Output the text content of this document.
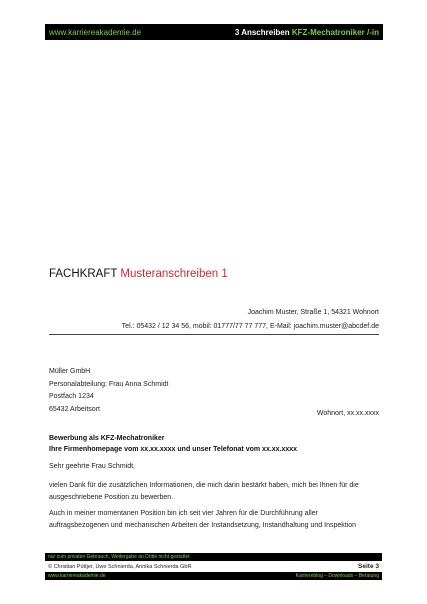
www.karriereakademie.de	3 Anschreiben KFZ-Mechatroniker /-in
FACHKRAFT Musteranschreiben 1
Joachim Muster, Straße 1, 54321 Wohnort
Tel.: 05432 / 12 34 56, mobil: 01777/77 77 777, E-Mail: joachim.muster@abcdef.de
Müller GmbH
Personalabteilung: Frau Anna Schmidt
Postfach 1234
65432 Arbeitsort
Wohnort, xx.xx.xxxx
Bewerbung als KFZ-Mechatroniker
Ihre Firmenhomepage vom xx.xx.xxxx und unser Telefonat vom xx.xx.xxxx
Sehr geehrte Frau Schmidt,
vielen Dank für die zusätzlichen Informationen, die mich darin bestärkt haben, mich bei Ihnen für die
ausgeschriebene Position zu bewerben.
Auch in meiner momentanen Position bin ich seit vier Jahren für die Durchführung aller
auftragsbezogenen und mechanischen Arbeiten der Instandsetzung, Instandhaltung und Inspektion
nur zum privaten Gebrauch, Weitergabe an Dritte nicht gestattet
© Christian Püttjer, Uwe Schnierda, Annika Schnierda GbR	Seite 3
www.karriereakademie.de	Karriereblog – Downloads – Beratung
